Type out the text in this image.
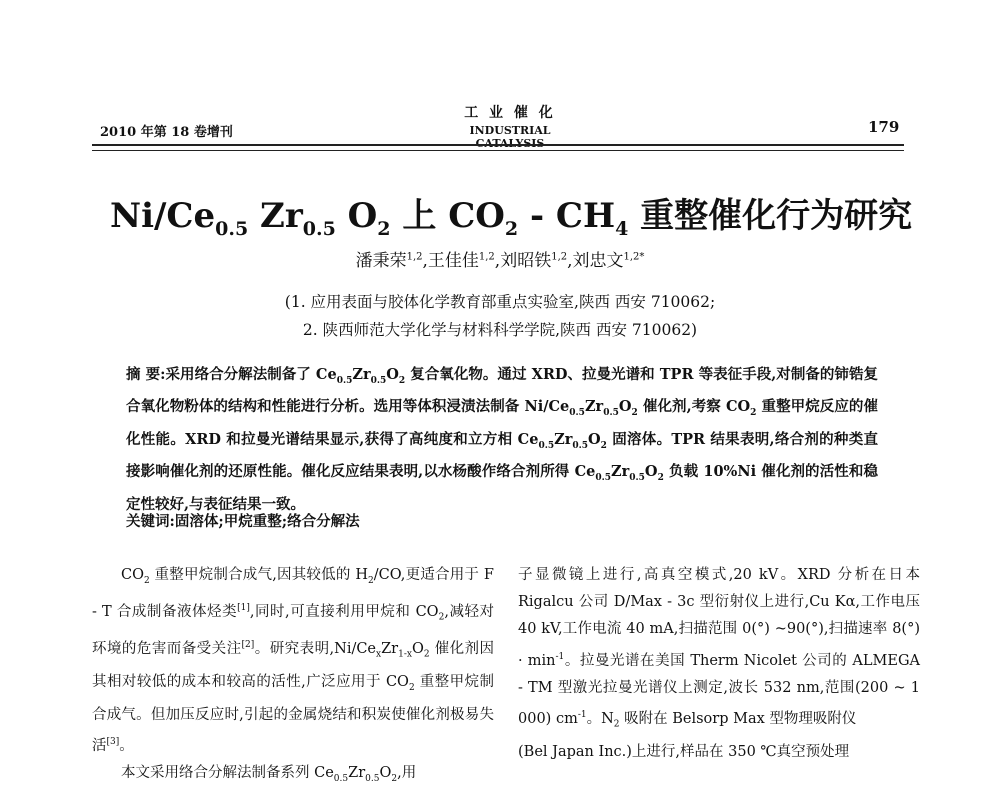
2010 年第 18 卷增刊
工 业 催 化
INDUSTRIAL CATALYSIS
179
$Ni/Ce_{0.5}$ $Zr_{0.5}$ $O_2$ 上 $CO_2 - CH_4$ 重整催化行为研究
潘秉荣$^{1,2}$,王佳佳$^{1,2}$,刘昭铁$^{1,2}$,刘忠文$^{1,2*}$
(1. 应用表面与胶体化学教育部重点实验室,陕西 西安 710062;
2. 陕西师范大学化学与材料科学学院,陕西 西安 710062)
摘 要:采用络合分解法制备了 $Ce_{0.5}Zr_{0.5}O_2$ 复合氧化物。通过 XRD、拉曼光谱和 TPR 等表征手段,对制备的铈锆复合氧化物粉体的结构和性能进行分析。选用等体积浸渍法制备 $Ni/Ce_{0.5}Zr_{0.5}O_2$ 催化剂,考察 $CO_2$ 重整甲烷反应的催化性能。XRD 和拉曼光谱结果显示,获得了高纯度和立方相 $Ce_{0.5}Zr_{0.5}O_2$ 固溶体。TPR 结果表明,络合剂的种类直接影响催化剂的还原性能。催化反应结果表明,以水杨酸作络合剂所得 $Ce_{0.5}Zr_{0.5}O_2$ 负载 10%Ni 催化剂的活性和稳定性较好,与表征结果一致。
关键词:固溶体;甲烷重整;络合分解法

$CO_2$ 重整甲烷制合成气,因其较低的 $H_2/CO$,更适合用于 F - T 合成制备液体烃类[1],同时,可直接利用甲烷和 $CO_2$,减轻对环境的危害而备受关注[2]。研究表明$,Ni/Ce_xZr_{1-x}O_2$ 催化剂因其相对较低的成本和较高的活性,广泛应用于 $CO_2$ 重整甲烷制合成气。但加压反应时,引起的金属烧结和积炭使催化剂极易失活[3]。

本文采用络合分解法制备系列 $Ce_{0.5}Zr_{0.5}O_2$,用

子显微镜上进行,高真空模式,20 kV。XRD 分析在日本 Rigalcu 公司 D/Max - 3c 型衍射仪上进行,Cu Kα,工作电压 40 kV,工作电流 40 mA,扫描范围 0(°) ~90(°),扫描速率 $8(^\circ) \cdot \min^{-1}$。拉曼光谱在美国 Therm Nicolet 公司的 ALMEGA - TM 型激光拉曼光谱仪上测定,波长 532 nm,范围(200 ~ 1 000) $cm^{-1}$。$N_2$ 吸附在 Belsorp Max 型物理吸附仪

(Bel Japan Inc.)上进行,样品在 350 ℃真空预处理
